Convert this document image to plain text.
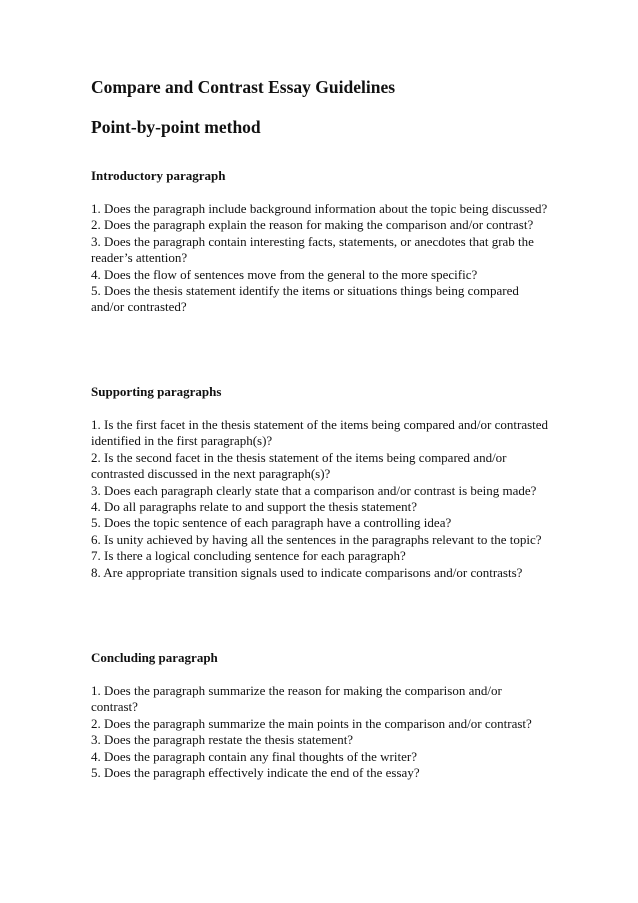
Compare and Contrast Essay Guidelines
Point-by-point method
Introductory paragraph
1. Does the paragraph include background information about the topic being discussed?
2. Does the paragraph explain the reason for making the comparison and/or contrast?
3. Does the paragraph contain interesting facts, statements, or anecdotes that grab the reader’s attention?
4. Does the flow of sentences move from the general to the more specific?
5. Does the thesis statement identify the items or situations things being compared and/or contrasted?
Supporting paragraphs
1. Is the first facet in the thesis statement of the items being compared and/or contrasted identified in the first paragraph(s)?
2. Is the second facet in the thesis statement of the items being compared and/or contrasted discussed in the next paragraph(s)?
3. Does each paragraph clearly state that a comparison and/or contrast is being made?
4. Do all paragraphs relate to and support the thesis statement?
5. Does the topic sentence of each paragraph have a controlling idea?
6. Is unity achieved by having all the sentences in the paragraphs relevant to the topic?
7. Is there a logical concluding sentence for each paragraph?
8. Are appropriate transition signals used to indicate comparisons and/or contrasts?
Concluding paragraph
1. Does the paragraph summarize the reason for making the comparison and/or contrast?
2. Does the paragraph summarize the main points in the comparison and/or contrast?
3. Does the paragraph restate the thesis statement?
4. Does the paragraph contain any final thoughts of the writer?
5. Does the paragraph effectively indicate the end of the essay?
